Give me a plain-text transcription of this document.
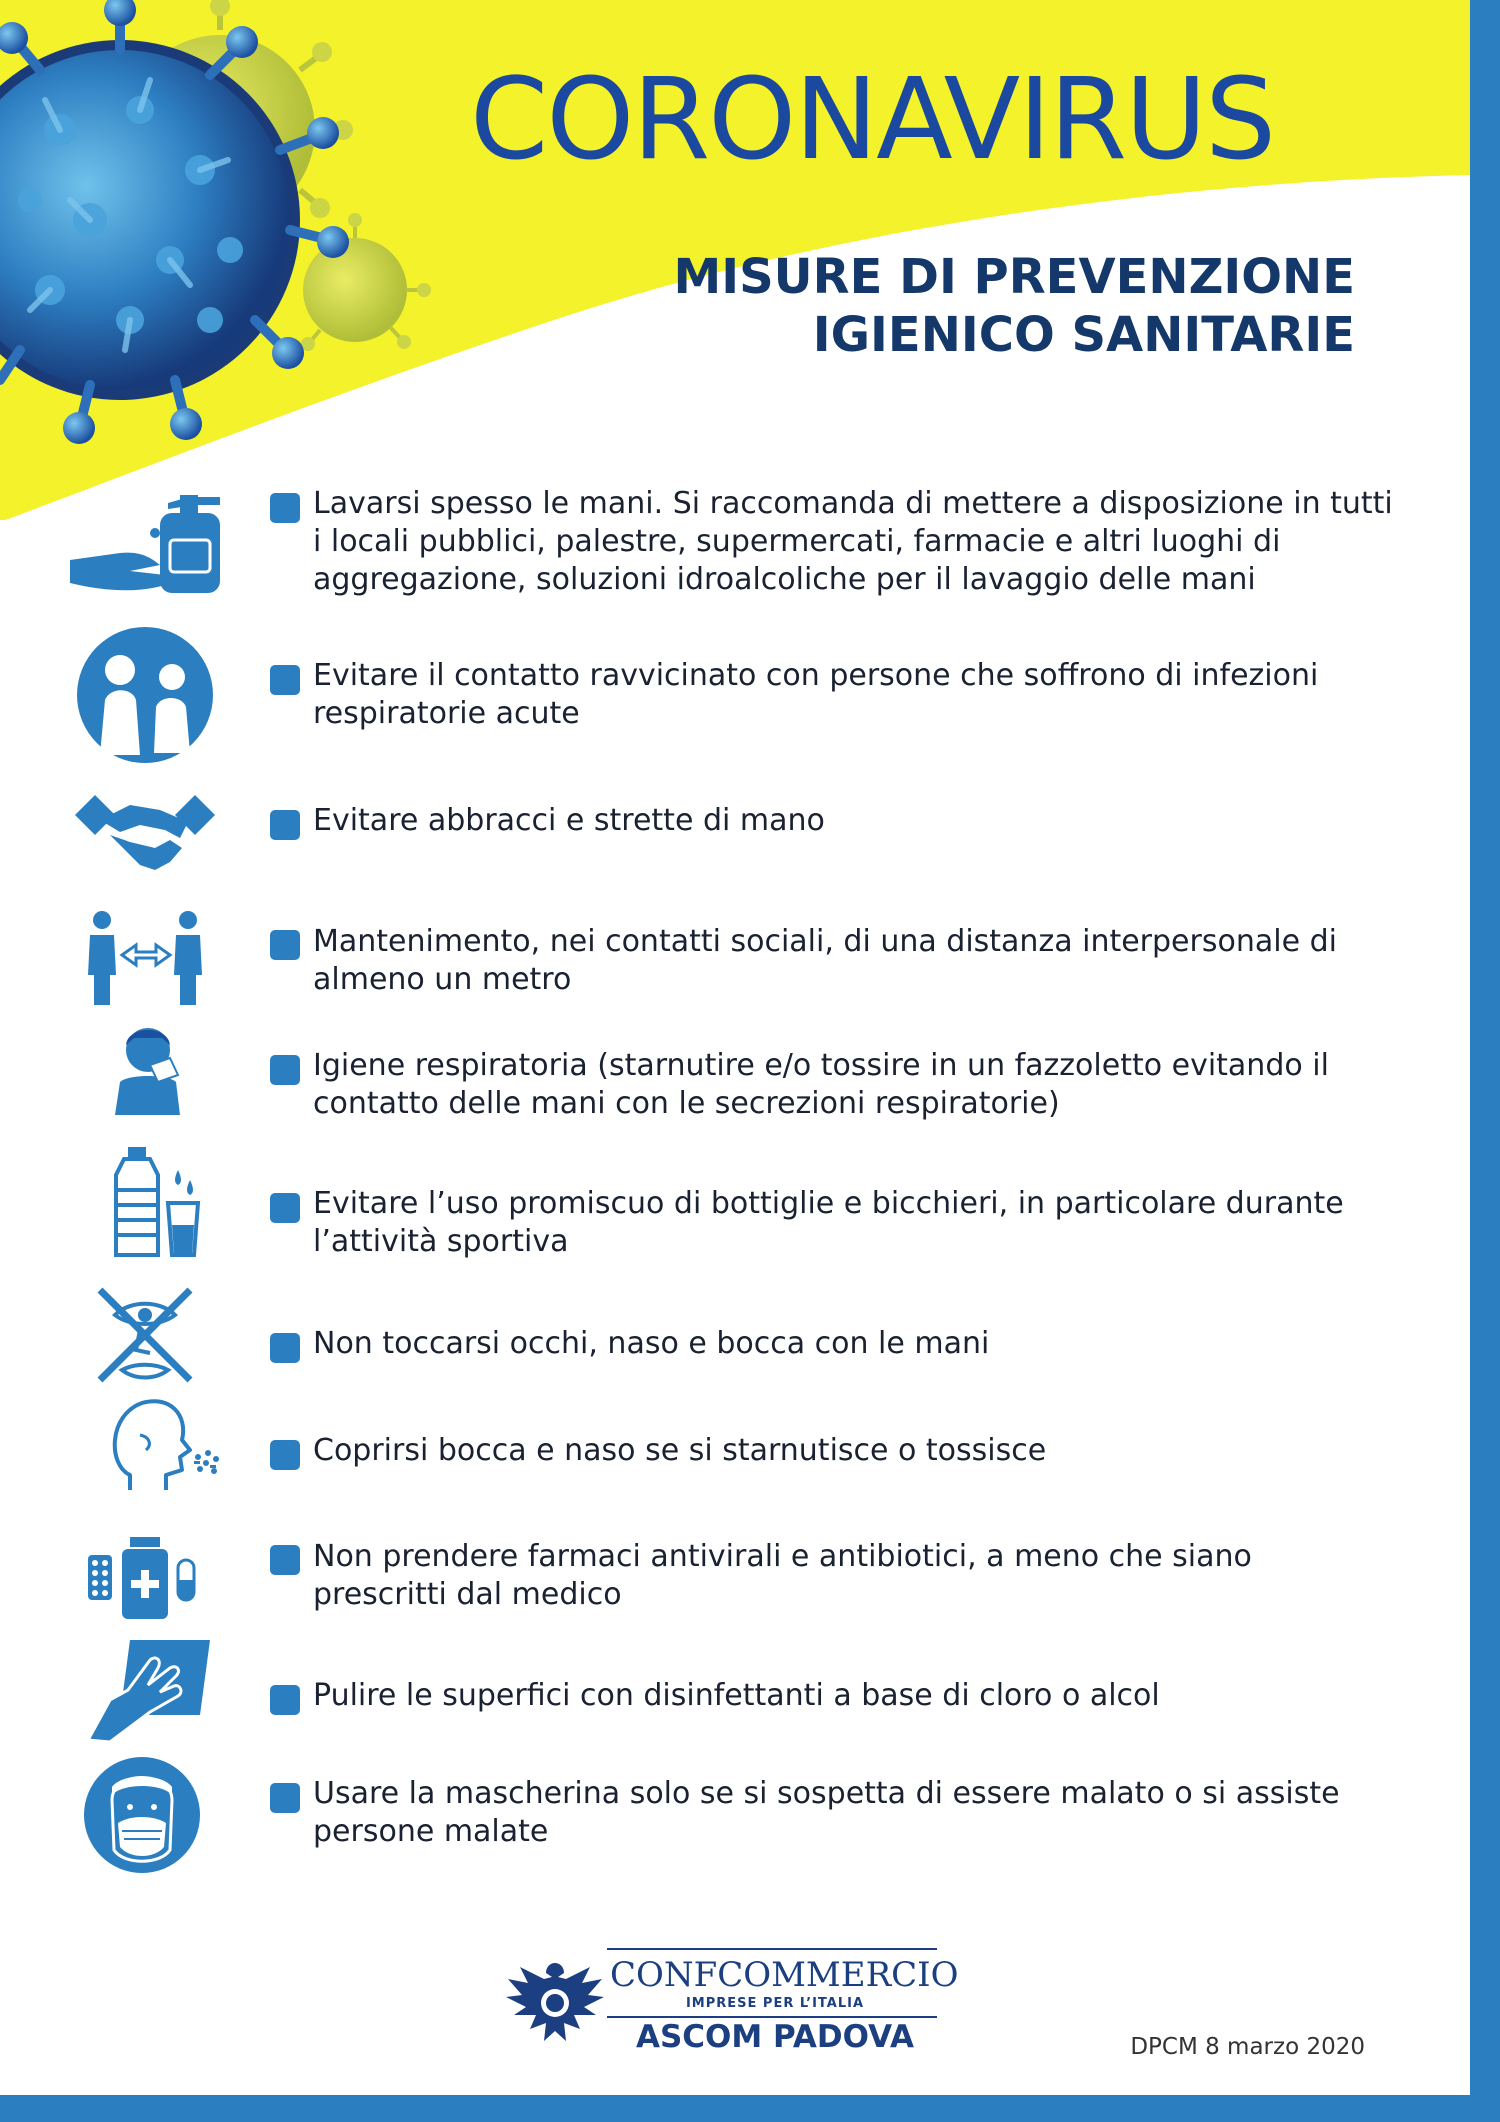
CORONAVIRUS
MISURE DI PREVENZIONE
IGIENICO SANITARIE

Lavarsi spesso le mani. Si raccomanda di mettere a disposizione in tutti i locali pubblici, palestre, supermercati, farmacie e altri luoghi di aggregazione, soluzioni idroalcoliche per il lavaggio delle mani

Evitare il contatto ravvicinato con persone che soffrono di infezioni respiratorie acute

Evitare abbracci e strette di mano

Mantenimento, nei contatti sociali, di una distanza interpersonale di almeno un metro

Igiene respiratoria (starnutire e/o tossire in un fazzoletto evitando il contatto delle mani con le secrezioni respiratorie)

Evitare l’uso promiscuo di bottiglie e bicchieri, in particolare durante l’attività sportiva

Non toccarsi occhi, naso e bocca con le mani

Coprirsi bocca e naso se si starnutisce o tossisce

Non prendere farmaci antivirali e antibiotici, a meno che siano prescritti dal medico

Pulire le superfici con disinfettanti a base di cloro o alcol

Usare la mascherina solo se si sospetta di essere malato o si assiste persone malate

CONFCOMMERCIO
IMPRESE PER L’ITALIA
ASCOM PADOVA	DPCM 8 marzo 2020
